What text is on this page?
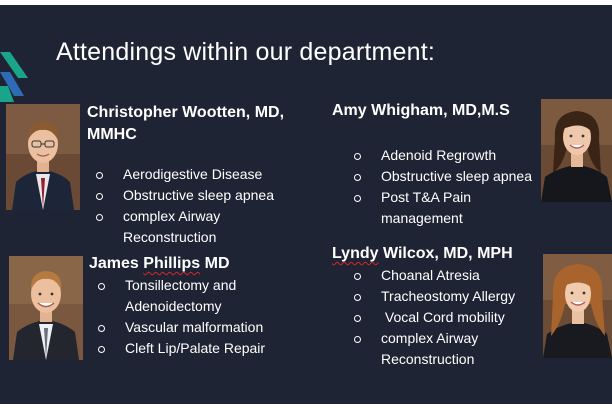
Attendings within our department:
Christopher Wootten, MD,
MMHC
Aerodigestive Disease
Obstructive sleep apnea
complex Airway
Reconstruction
James Phillips MD
Tonsillectomy and
Adenoidectomy
Vascular malformation
Cleft Lip/Palate Repair
Amy Whigham, MD,M.S
Adenoid Regrowth
Obstructive sleep apnea
Post T&A Pain
management
Lyndy Wilcox, MD, MPH
Choanal Atresia
Tracheostomy Allergy
Vocal Cord mobility
complex Airway
Reconstruction
